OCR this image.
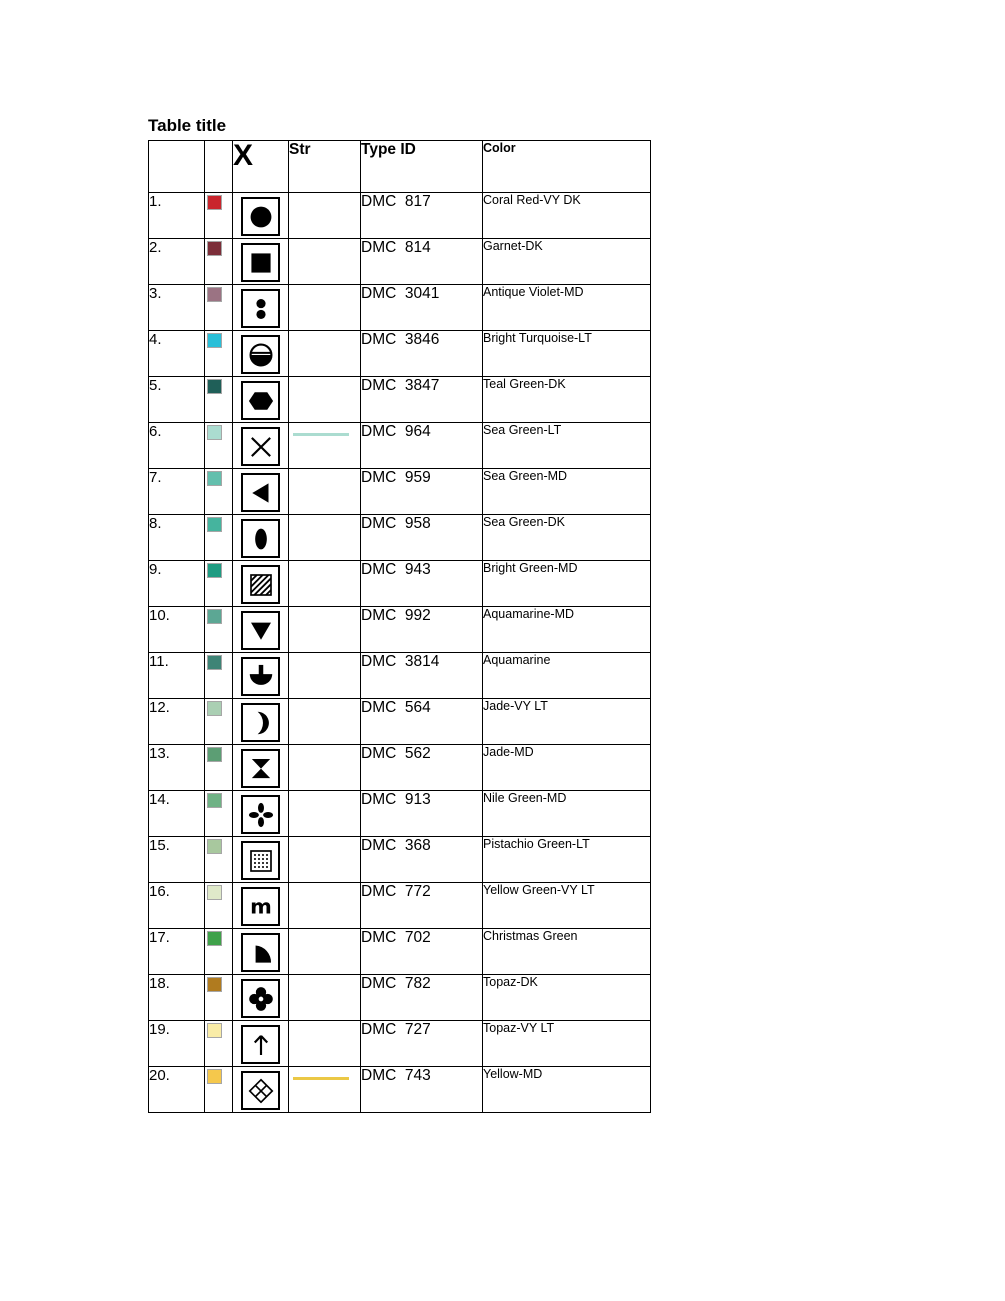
Table title
		X	Str	Type ID	Color
1.				DMC  817	Coral Red-VY DK
2.				DMC  814	Garnet-DK
3.				DMC  3041	Antique Violet-MD
4.				DMC  3846	Bright Turquoise-LT
5.				DMC  3847	Teal Green-DK
6.				DMC  964	Sea Green-LT
7.				DMC  959	Sea Green-MD
8.				DMC  958	Sea Green-DK
9.				DMC  943	Bright Green-MD
10.				DMC  992	Aquamarine-MD
11.				DMC  3814	Aquamarine
12.				DMC  564	Jade-VY LT
13.				DMC  562	Jade-MD
14.				DMC  913	Nile Green-MD
15.				DMC  368	Pistachio Green-LT
16.		m		DMC  772	Yellow Green-VY LT
17.				DMC  702	Christmas Green
18.				DMC  782	Topaz-DK
19.				DMC  727	Topaz-VY LT
20.				DMC  743	Yellow-MD
